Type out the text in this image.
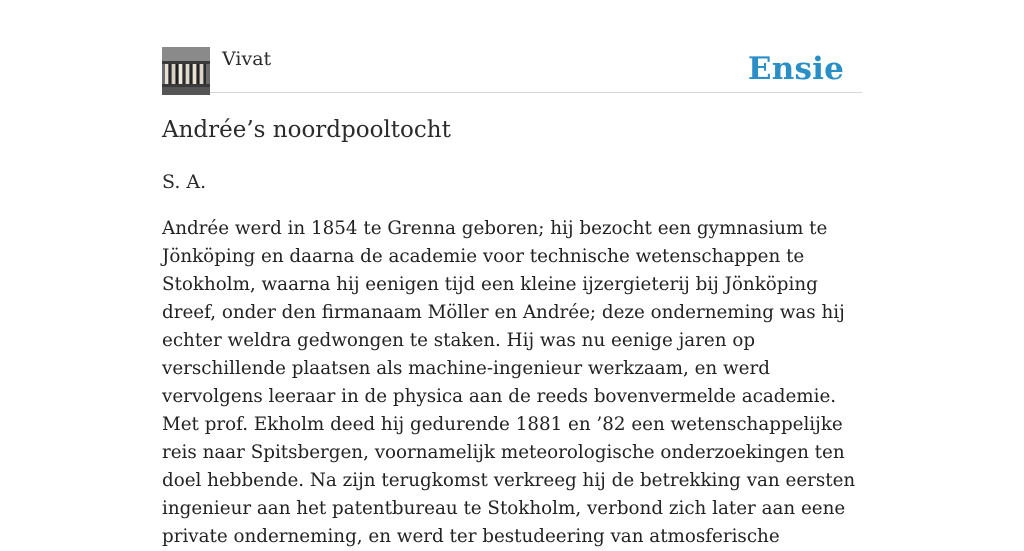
Vivat	Ensie
Andrée’s noordpooltocht
S. A.

Andrée werd in 1854 te Grenna geboren; hij bezocht een gymnasium te Jönköping en daarna de academie voor technische wetenschappen te Stokholm, waarna hij eenigen tijd een kleine ijzergieterij bij Jönköping dreef, onder den firmanaam Möller en Andrée; deze onderneming was hij echter weldra gedwongen te staken. Hij was nu eenige jaren op verschillende plaatsen als machine-ingenieur werkzaam, en werd vervolgens leeraar in de physica aan de reeds bovenvermelde academie. Met prof. Ekholm deed hij gedurende 1881 en ’82 een wetenschappelijke reis naar Spitsbergen, voornamelijk meteorologische onderzoekingen ten doel hebbende. Na zijn terugkomst verkreeg hij de betrekking van eersten ingenieur aan het patentbureau te Stokholm, verbond zich later aan eene private onderneming, en werd ter bestudeering van atmosferische
